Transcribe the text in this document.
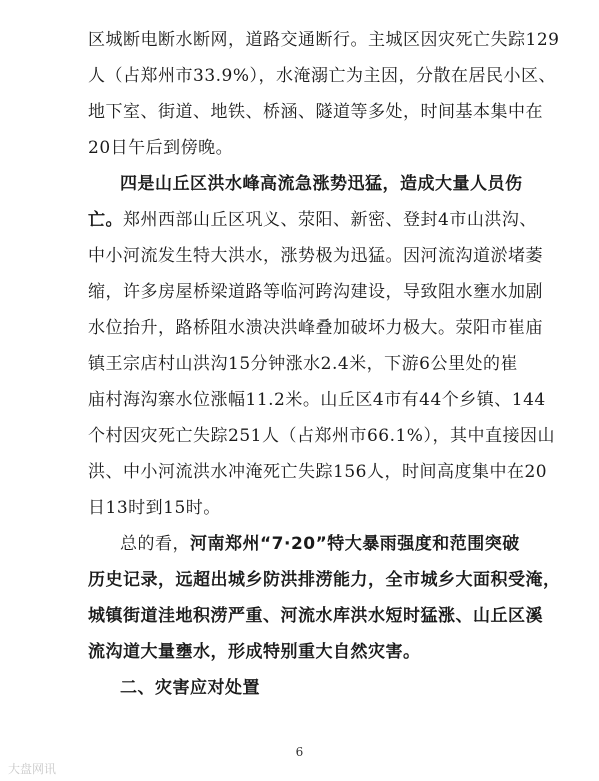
区城断电断水断网，道路交通断行。主城区因灾死亡失踪129
人（占郑州市33.9%），水淹溺亡为主因，分散在居民小区、
地下室、街道、地铁、桥涵、隧道等多处，时间基本集中在
20日午后到傍晚。
四是山丘区洪水峰高流急涨势迅猛，造成大量人员伤
亡。郑州西部山丘区巩义、荥阳、新密、登封4市山洪沟、
中小河流发生特大洪水，涨势极为迅猛。因河流沟道淤堵萎
缩，许多房屋桥梁道路等临河跨沟建设，导致阻水壅水加剧
水位抬升，路桥阻水溃决洪峰叠加破坏力极大。荥阳市崔庙
镇王宗店村山洪沟15分钟涨水2.4米，下游6公里处的崔
庙村海沟寨水位涨幅11.2米。山丘区4市有44个乡镇、144
个村因灾死亡失踪251人（占郑州市66.1%），其中直接因山
洪、中小河流洪水冲淹死亡失踪156人，时间高度集中在20
日13时到15时。
总的看，河南郑州“7·20”特大暴雨强度和范围突破
历史记录，远超出城乡防洪排涝能力，全市城乡大面积受淹，
城镇街道洼地积涝严重、河流水库洪水短时猛涨、山丘区溪
流沟道大量壅水，形成特别重大自然灾害。
二、灾害应对处置
6
大盘网讯
